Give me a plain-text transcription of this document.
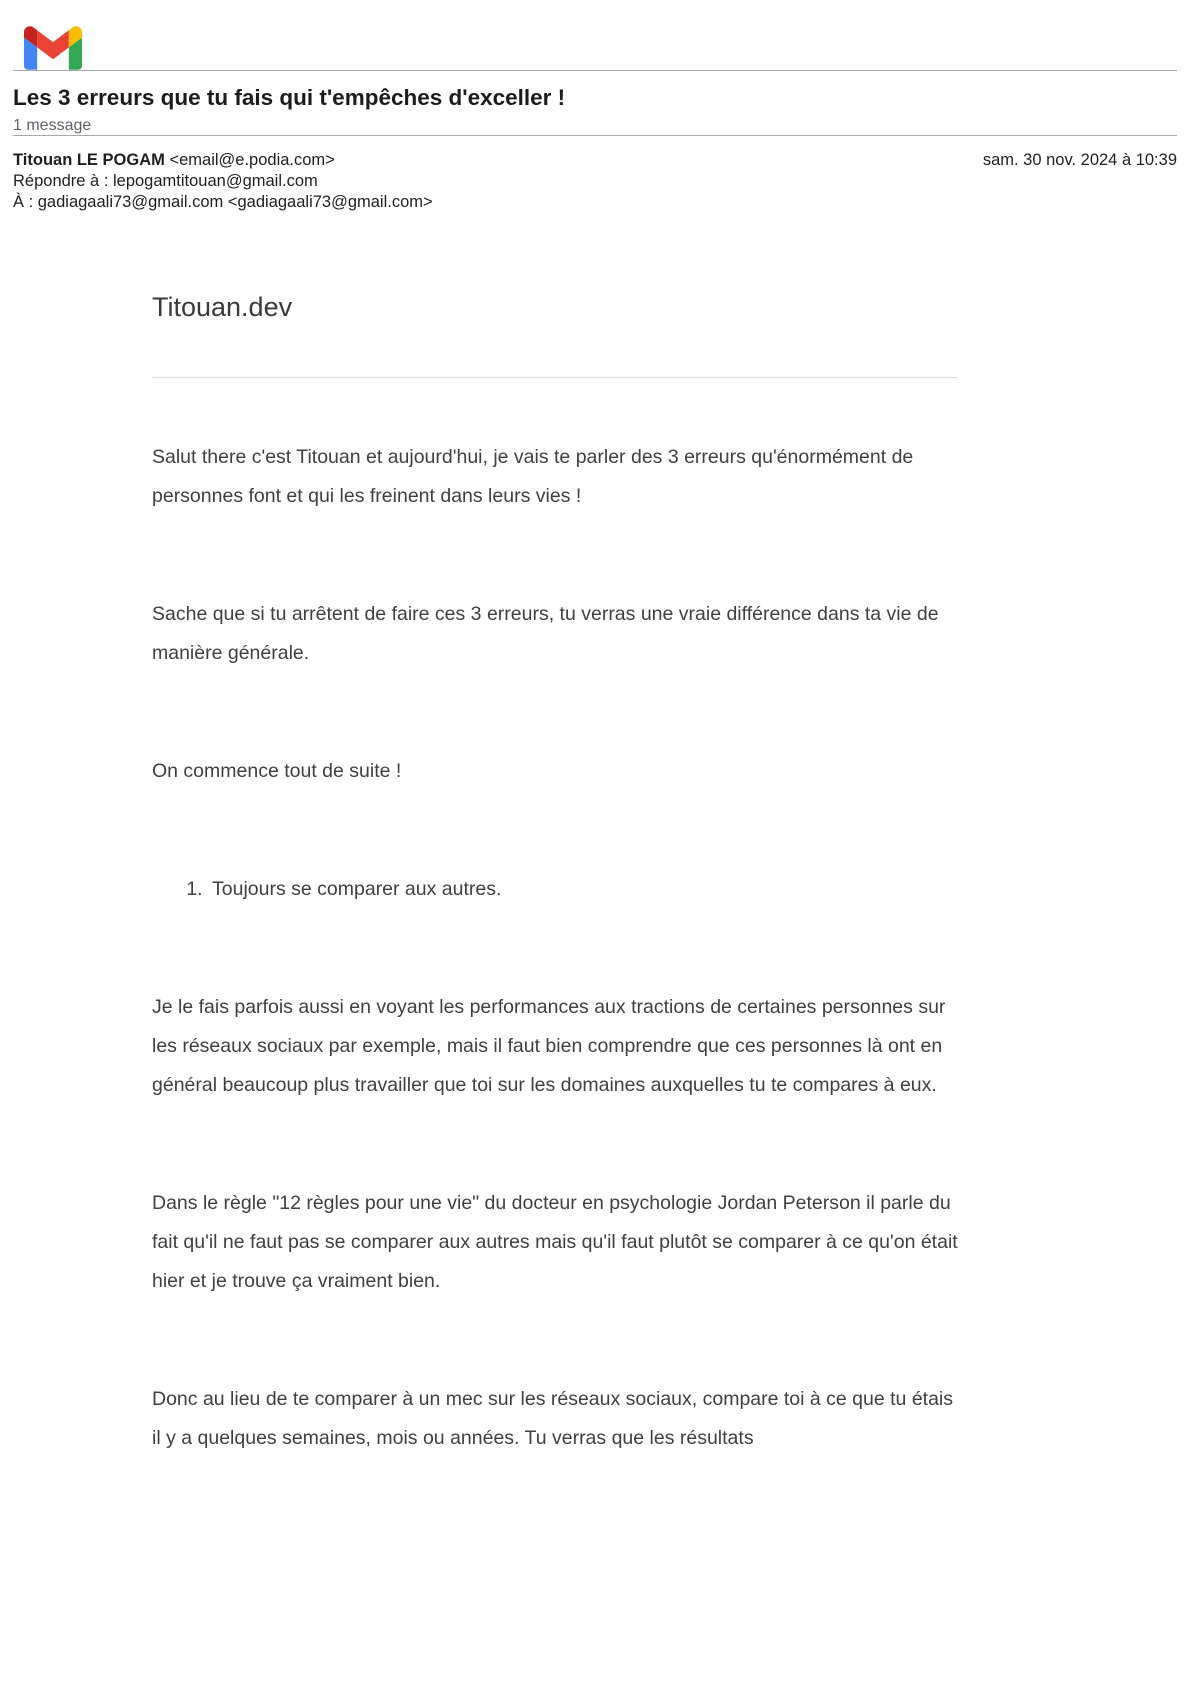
Les 3 erreurs que tu fais qui t'empêches d'exceller !
1 message
Titouan LE POGAM <email@e.podia.com>
Répondre à : lepogamtitouan@gmail.com
À : gadiagaali73@gmail.com <gadiagaali73@gmail.com>
sam. 30 nov. 2024 à 10:39
Titouan.dev

Salut there c'est Titouan et aujourd'hui, je vais te parler des 3 erreurs qu'énormément de personnes font et qui les freinent dans leurs vies !

Sache que si tu arrêtent de faire ces 3 erreurs, tu verras une vraie différence dans ta vie de manière générale.

On commence tout de suite !

1. Toujours se comparer aux autres.

Je le fais parfois aussi en voyant les performances aux tractions de certaines personnes sur les réseaux sociaux par exemple, mais il faut bien comprendre que ces personnes là ont en général beaucoup plus travailler que toi sur les domaines auxquelles tu te compares à eux.

Dans le règle "12 règles pour une vie" du docteur en psychologie Jordan Peterson il parle du fait qu'il ne faut pas se comparer aux autres mais qu'il faut plutôt se comparer à ce qu'on était hier et je trouve ça vraiment bien.

Donc au lieu de te comparer à un mec sur les réseaux sociaux, compare toi à ce que tu étais il y a quelques semaines, mois ou années. Tu verras que les résultats
